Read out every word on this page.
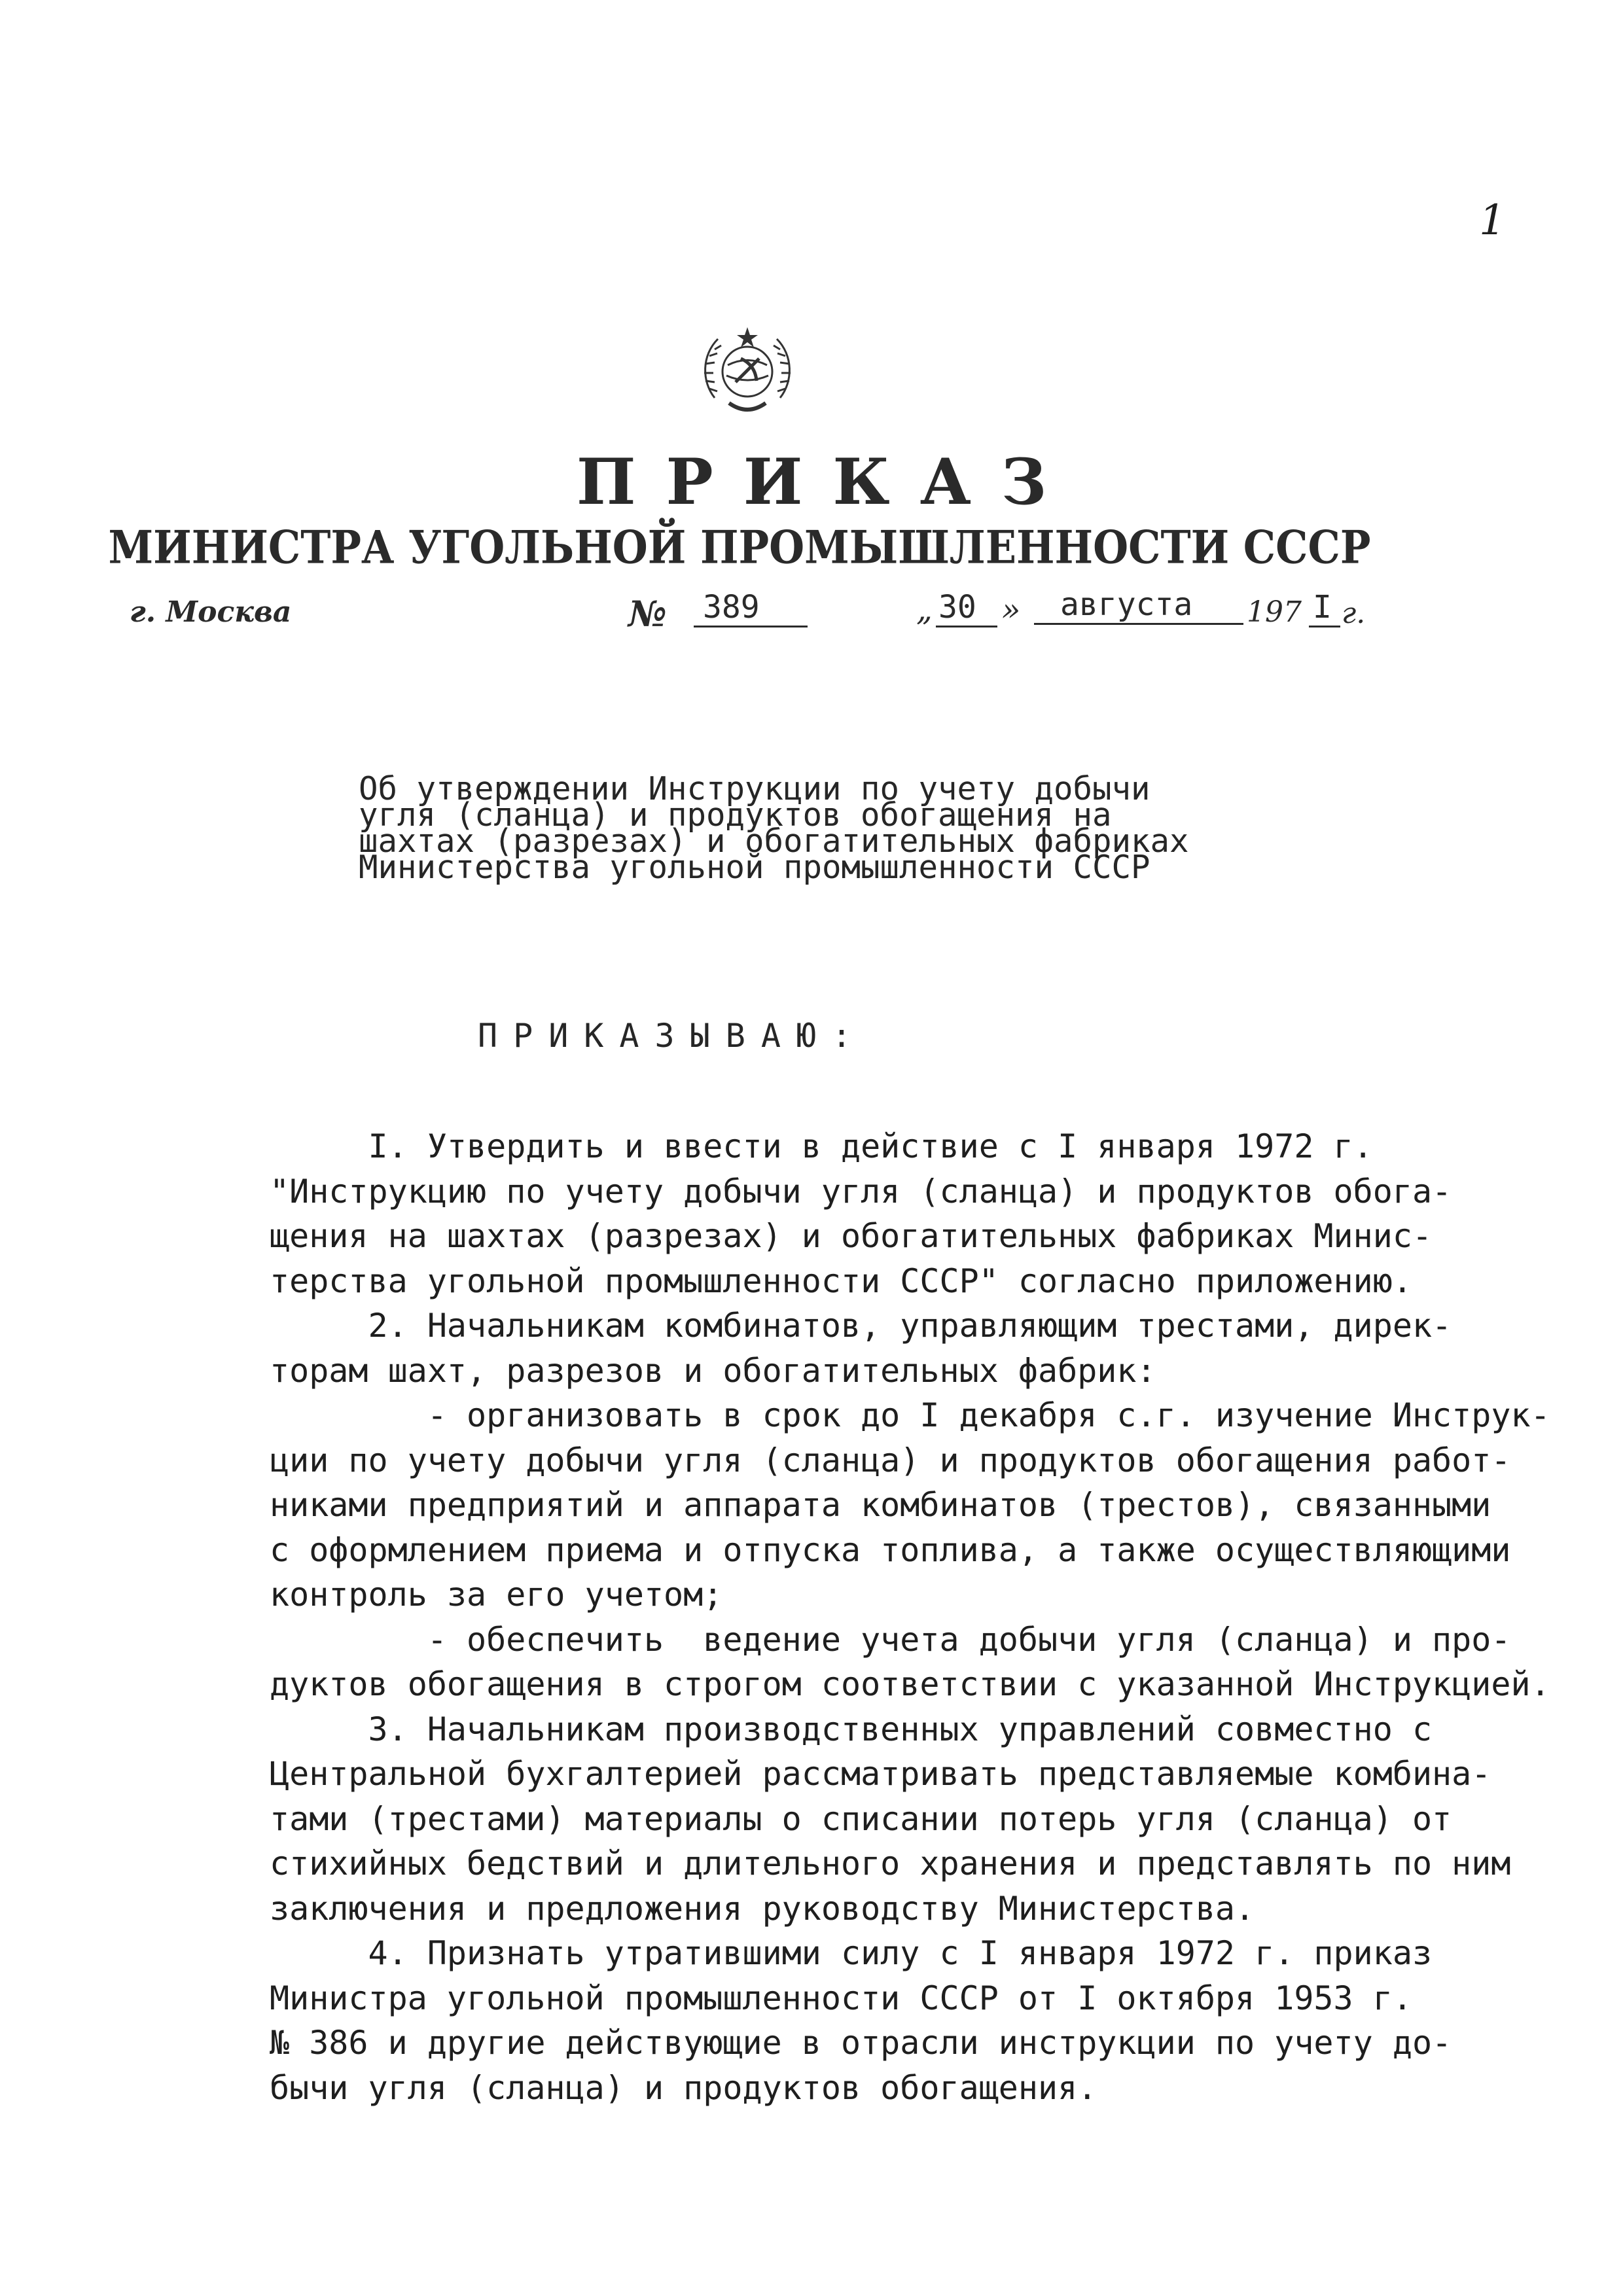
1
ПРИКАЗ
МИНИСТРА УГОЛЬНОЙ ПРОМЫШЛЕННОСТИ СССР
г. Москва	№ 389	„ 30 »	августа	197 I г.
Об утверждении Инструкции по учету добычи
угля (сланца) и продуктов обогащения на
шахтах (разрезах) и обогатительных фабриках
Министерства угольной промышленности СССР
ПРИКАЗЫВАЮ:
I. Утвердить и ввести в действие с I января 1972 г.
"Инструкцию по учету добычи угля (сланца) и продуктов обога-
щения на шахтах (разрезах) и обогатительных фабриках Минис-
терства угольной промышленности СССР" согласно приложению.
2. Начальникам комбинатов, управляющим трестами, дирек-
торам шахт, разрезов и обогатительных фабрик:
- организовать в срок до I декабря с.г. изучение Инструк-
ции по учету добычи угля (сланца) и продуктов обогащения работ-
никами предприятий и аппарата комбинатов (трестов), связанными
с оформлением приема и отпуска топлива, а также осуществляющими
контроль за его учетом;
- обеспечить  ведение учета добычи угля (сланца) и про-
дуктов обогащения в строгом соответствии с указанной Инструкцией.
3. Начальникам производственных управлений совместно с
Центральной бухгалтерией рассматривать представляемые комбина-
тами (трестами) материалы о списании потерь угля (сланца) от
стихийных бедствий и длительного хранения и представлять по ним
заключения и предложения руководству Министерства.
4. Признать утратившими силу с I января 1972 г. приказ
Министра угольной промышленности СССР от I октября 1953 г.
№ 386 и другие действующие в отрасли инструкции по учету до-
бычи угля (сланца) и продуктов обогащения.
